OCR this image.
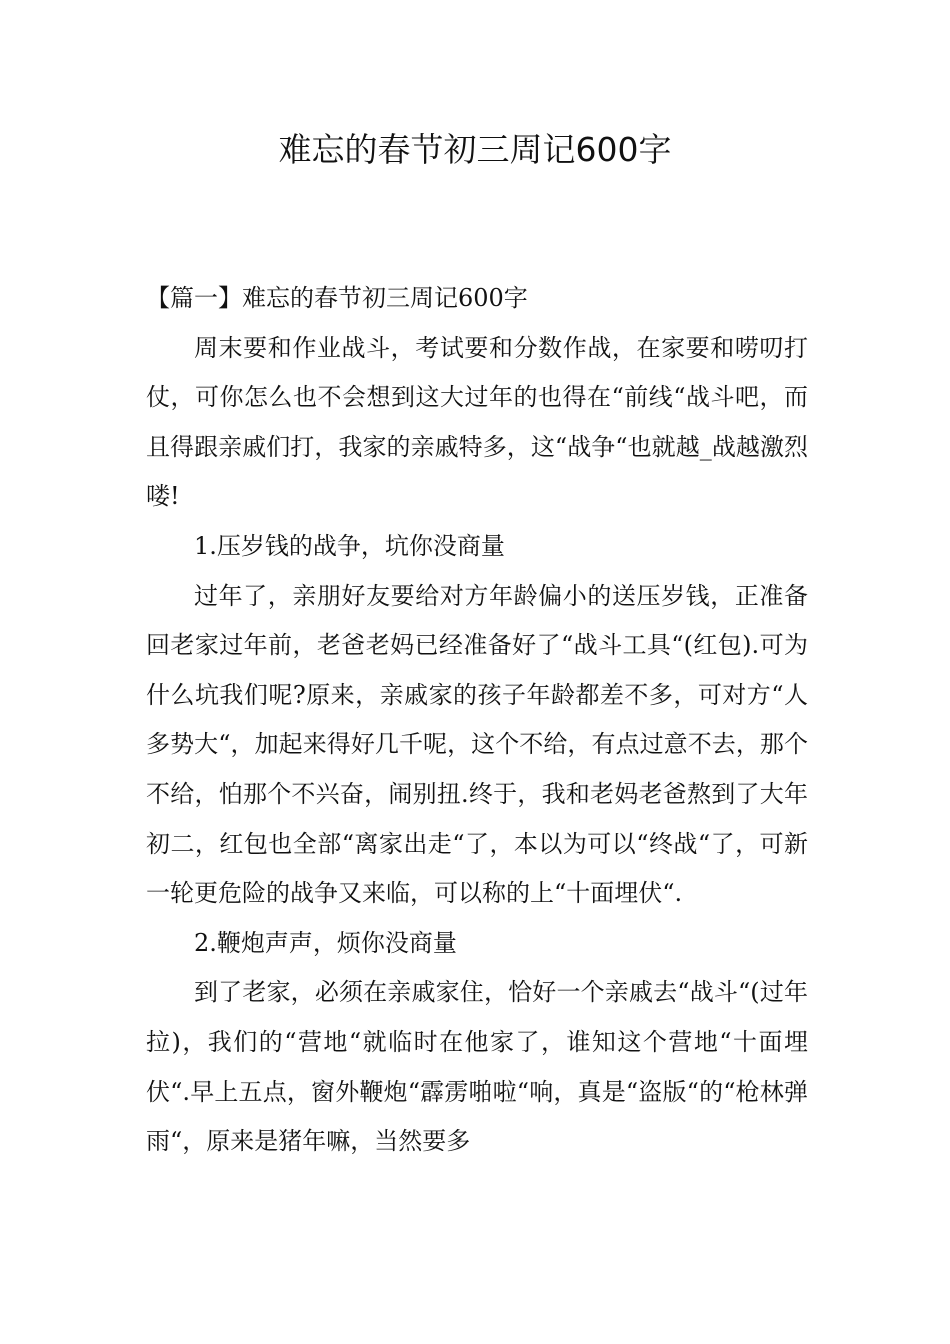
难忘的春节初三周记600字

【篇一】难忘的春节初三周记600字

周末要和作业战斗，考试要和分数作战，在家要和唠叨打仗，可你怎么也不会想到这大过年的也得在“前线“战斗吧，而且得跟亲戚们打，我家的亲戚特多，这“战争“也就越_战越激烈喽!

1.压岁钱的战争，坑你没商量

过年了，亲朋好友要给对方年龄偏小的送压岁钱，正准备回老家过年前，老爸老妈已经准备好了“战斗工具“(红包).可为什么坑我们呢?原来，亲戚家的孩子年龄都差不多，可对方“人多势大“，加起来得好几千呢，这个不给，有点过意不去，那个不给，怕那个不兴奋，闹别扭.终于，我和老妈老爸熬到了大年初二，红包也全部“离家出走“了，本以为可以“终战“了，可新一轮更危险的战争又来临，可以称的上“十面埋伏“.

2.鞭炮声声，烦你没商量

到了老家，必须在亲戚家住，恰好一个亲戚去“战斗“(过年拉)，我们的“营地“就临时在他家了，谁知这个营地“十面埋伏“.早上五点，窗外鞭炮“霹雳啪啦“响，真是“盗版“的“枪林弹雨“，原来是猪年嘛，当然要多
